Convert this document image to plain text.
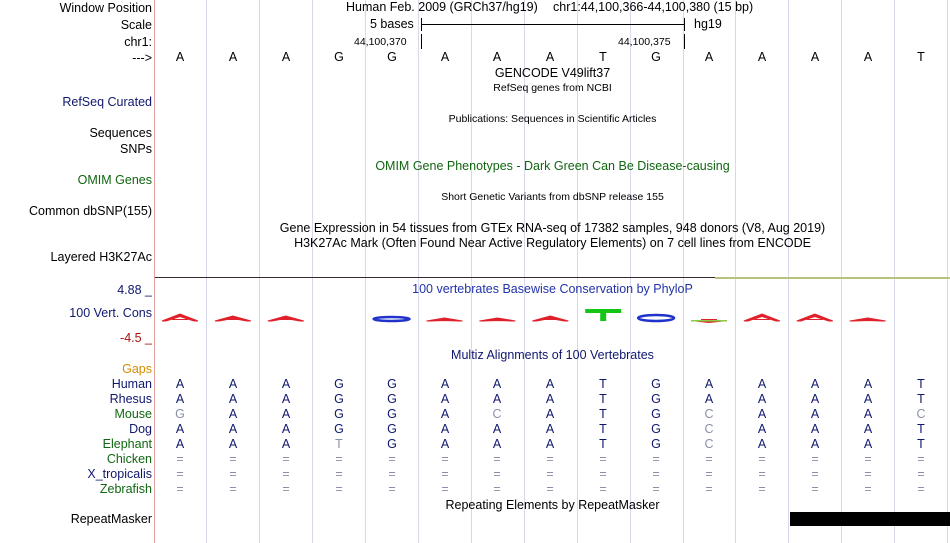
Window Position
Scale
chr1:
--->
Human Feb. 2009 (GRCh37/hg19) chr1:44,100,366-44,100,380 (15 bp)
5 bases	hg19
44,100,370	44,100,375
A	A	A	G	G	A	A	A	T	G	A	A	A	A	T
GENCODE V49lift37
RefSeq genes from NCBI
RefSeq Curated
Sequences
Publications: Sequences in Scientific Articles
SNPs
OMIM Gene Phenotypes - Dark Green Can Be Disease-causing
OMIM Genes
Short Genetic Variants from dbSNP release 155
Common dbSNP(155)
Gene Expression in 54 tissues from GTEx RNA-seq of 17382 samples, 948 donors (V8, Aug 2019)
H3K27Ac Mark (Often Found Near Active Regulatory Elements) on 7 cell lines from ENCODE
Layered H3K27Ac
4.88 _	100 vertebrates Basewise Conservation by PhyloP
100 Vert. Cons
-4.5 _
Multiz Alignments of 100 Vertebrates
Gaps
Human	A	A	A	G	G	A	A	A	T	G	A	A	A	A	T
Rhesus	A	A	A	G	G	A	A	A	T	G	A	A	A	A	T
Mouse	G	A	A	G	G	A	C	A	T	G	C	A	A	A	C
Dog	A	A	A	G	G	A	A	A	T	G	C	A	A	A	T
Elephant	A	A	A	T	G	A	A	A	T	G	C	A	A	A	T
Chicken	=	=	=	=	=	=	=	=	=	=	=	=	=	=	=
X_tropicalis	=	=	=	=	=	=	=	=	=	=	=	=	=	=	=
Zebrafish	=	=	=	=	=	=	=	=	=	=	=	=	=	=	=
Repeating Elements by RepeatMasker
RepeatMasker
